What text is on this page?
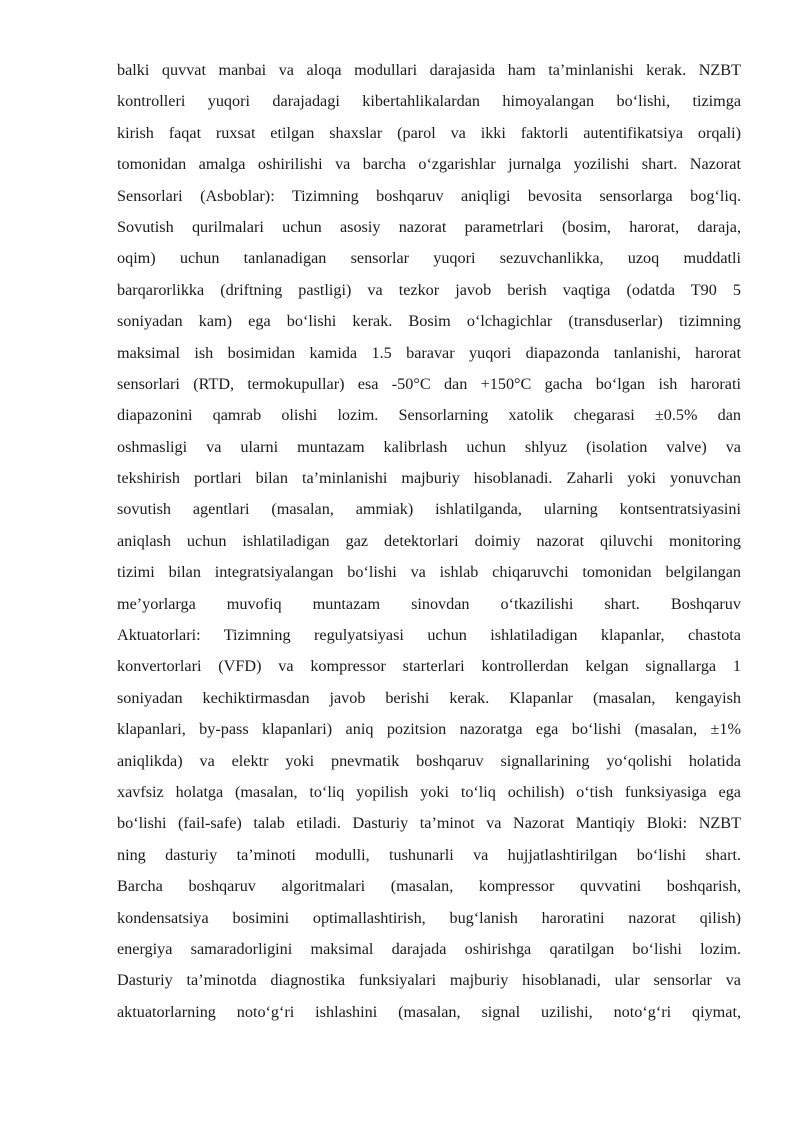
balki quvvat manbai va aloqa modullari darajasida ham taʼminlanishi kerak. NZBT
kontrolleri yuqori darajadagi kibertahlikalardan himoyalangan boʻlishi, tizimga
kirish faqat ruxsat etilgan shaxslar (parol va ikki faktorli autentifikatsiya orqali)
tomonidan amalga oshirilishi va barcha oʻzgarishlar jurnalga yozilishi shart. Nazorat
Sensorlari (Asboblar): Tizimning boshqaruv aniqligi bevosita sensorlarga bogʻliq.
Sovutish qurilmalari uchun asosiy nazorat parametrlari (bosim, harorat, daraja,
oqim) uchun tanlanadigan sensorlar yuqori sezuvchanlikka, uzoq muddatli
barqarorlikka (driftning pastligi) va tezkor javob berish vaqtiga (odatda T90 5
soniyadan kam) ega boʻlishi kerak. Bosim oʻlchagichlar (transduserlar) tizimning
maksimal ish bosimidan kamida 1.5 baravar yuqori diapazonda tanlanishi, harorat
sensorlari (RTD, termokupullar) esa -50°C dan +150°C gacha boʻlgan ish harorati
diapazonini qamrab olishi lozim. Sensorlarning xatolik chegarasi ±0.5% dan
oshmasligi va ularni muntazam kalibrlash uchun shlyuz (isolation valve) va
tekshirish portlari bilan taʼminlanishi majburiy hisoblanadi. Zaharli yoki yonuvchan
sovutish agentlari (masalan, ammiak) ishlatilganda, ularning kontsentratsiyasini
aniqlash uchun ishlatiladigan gaz detektorlari doimiy nazorat qiluvchi monitoring
tizimi bilan integratsiyalangan boʻlishi va ishlab chiqaruvchi tomonidan belgilangan
meʼyorlarga muvofiq muntazam sinovdan oʻtkazilishi shart. Boshqaruv
Aktuatorlari: Tizimning regulyatsiyasi uchun ishlatiladigan klapanlar, chastota
konvertorlari (VFD) va kompressor starterlari kontrollerdan kelgan signallarga 1
soniyadan kechiktirmasdan javob berishi kerak. Klapanlar (masalan, kengayish
klapanlari, by-pass klapanlari) aniq pozitsion nazoratga ega boʻlishi (masalan, ±1%
aniqlikda) va elektr yoki pnevmatik boshqaruv signallarining yoʻqolishi holatida
xavfsiz holatga (masalan, toʻliq yopilish yoki toʻliq ochilish) oʻtish funksiyasiga ega
boʻlishi (fail-safe) talab etiladi. Dasturiy taʼminot va Nazorat Mantiqiy Bloki: NZBT
ning dasturiy taʼminoti modulli, tushunarli va hujjatlashtirilgan boʻlishi shart.
Barcha boshqaruv algoritmalari (masalan, kompressor quvvatini boshqarish,
kondensatsiya bosimini optimallashtirish, bugʻlanish haroratini nazorat qilish)
energiya samaradorligini maksimal darajada oshirishga qaratilgan boʻlishi lozim.
Dasturiy taʼminotda diagnostika funksiyalari majburiy hisoblanadi, ular sensorlar va
aktuatorlarning notoʻgʻri ishlashini (masalan, signal uzilishi, notoʻgʻri qiymat,
